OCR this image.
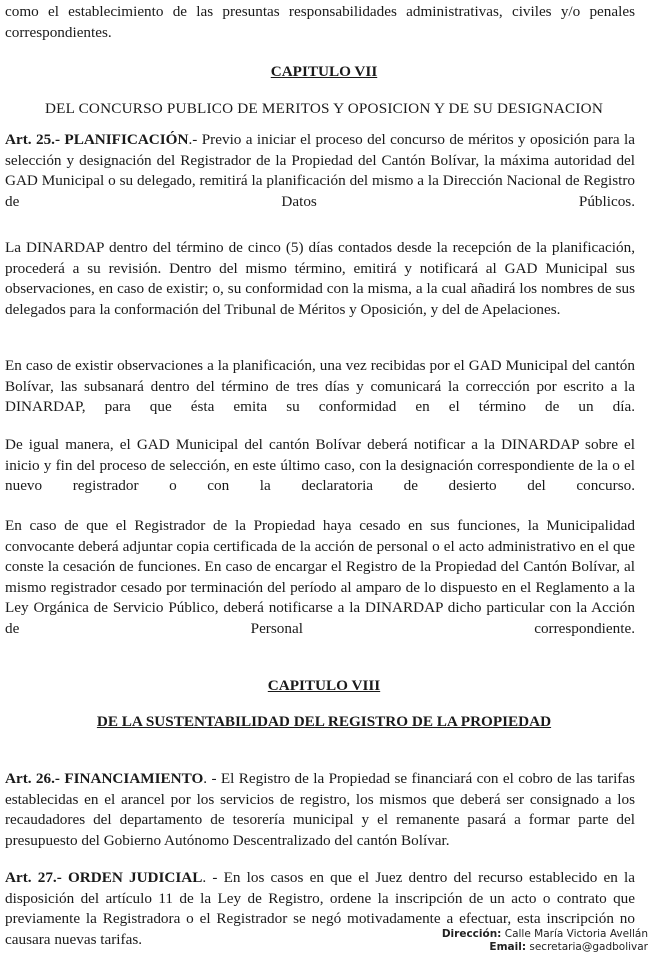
como el establecimiento de las presuntas responsabilidades administrativas, civiles y/o penales correspondientes.

CAPITULO VII

DEL CONCURSO PUBLICO DE MERITOS Y OPOSICION Y DE SU DESIGNACION

Art. 25.- PLANIFICACIÓN.- Previo a iniciar el proceso del concurso de méritos y oposición para la selección y designación del Registrador de la Propiedad del Cantón Bolívar, la máxima autoridad del GAD Municipal o su delegado, remitirá la planificación del mismo a la Dirección Nacional de Registro de Datos Públicos.

La DINARDAP dentro del término de cinco (5) días contados desde la recepción de la planificación, procederá a su revisión. Dentro del mismo término, emitirá y notificará al GAD Municipal sus observaciones, en caso de existir; o, su conformidad con la misma, a la cual añadirá los nombres de sus delegados para la conformación del Tribunal de Méritos y Oposición, y del de Apelaciones.

En caso de existir observaciones a la planificación, una vez recibidas por el GAD Municipal del cantón Bolívar, las subsanará dentro del término de tres días y comunicará la corrección por escrito a la DINARDAP, para que ésta emita su conformidad en el término de un día.

De igual manera, el GAD Municipal del cantón Bolívar deberá notificar a la DINARDAP sobre el inicio y fin del proceso de selección, en este último caso, con la designación correspondiente de la o el nuevo registrador o con la declaratoria de desierto del concurso.

En caso de que el Registrador de la Propiedad haya cesado en sus funciones, la Municipalidad convocante deberá adjuntar copia certificada de la acción de personal o el acto administrativo en el que conste la cesación de funciones. En caso de encargar el Registro de la Propiedad del Cantón Bolívar, al mismo registrador cesado por terminación del período al amparo de lo dispuesto en el Reglamento a la Ley Orgánica de Servicio Público, deberá notificarse a la DINARDAP dicho particular con la Acción de Personal correspondiente.

CAPITULO VIII

DE LA SUSTENTABILIDAD DEL REGISTRO DE LA PROPIEDAD

Art. 26.- FINANCIAMIENTO. - El Registro de la Propiedad se financiará con el cobro de las tarifas establecidas en el arancel por los servicios de registro, los mismos que deberá ser consignado a los recaudadores del departamento de tesorería municipal y el remanente pasará a formar parte del presupuesto del Gobierno Autónomo Descentralizado del cantón Bolívar.

Art. 27.- ORDEN JUDICIAL. - En los casos en que el Juez dentro del recurso establecido en la disposición del artículo 11 de la Ley de Registro, ordene la inscripción de un acto o contrato que previamente la Registradora o el Registrador se negó motivadamente a efectuar, esta inscripción no causara nuevas tarifas.	Dirección: Calle María Victoria Avellán
Email: secretaria@gadbolivar
